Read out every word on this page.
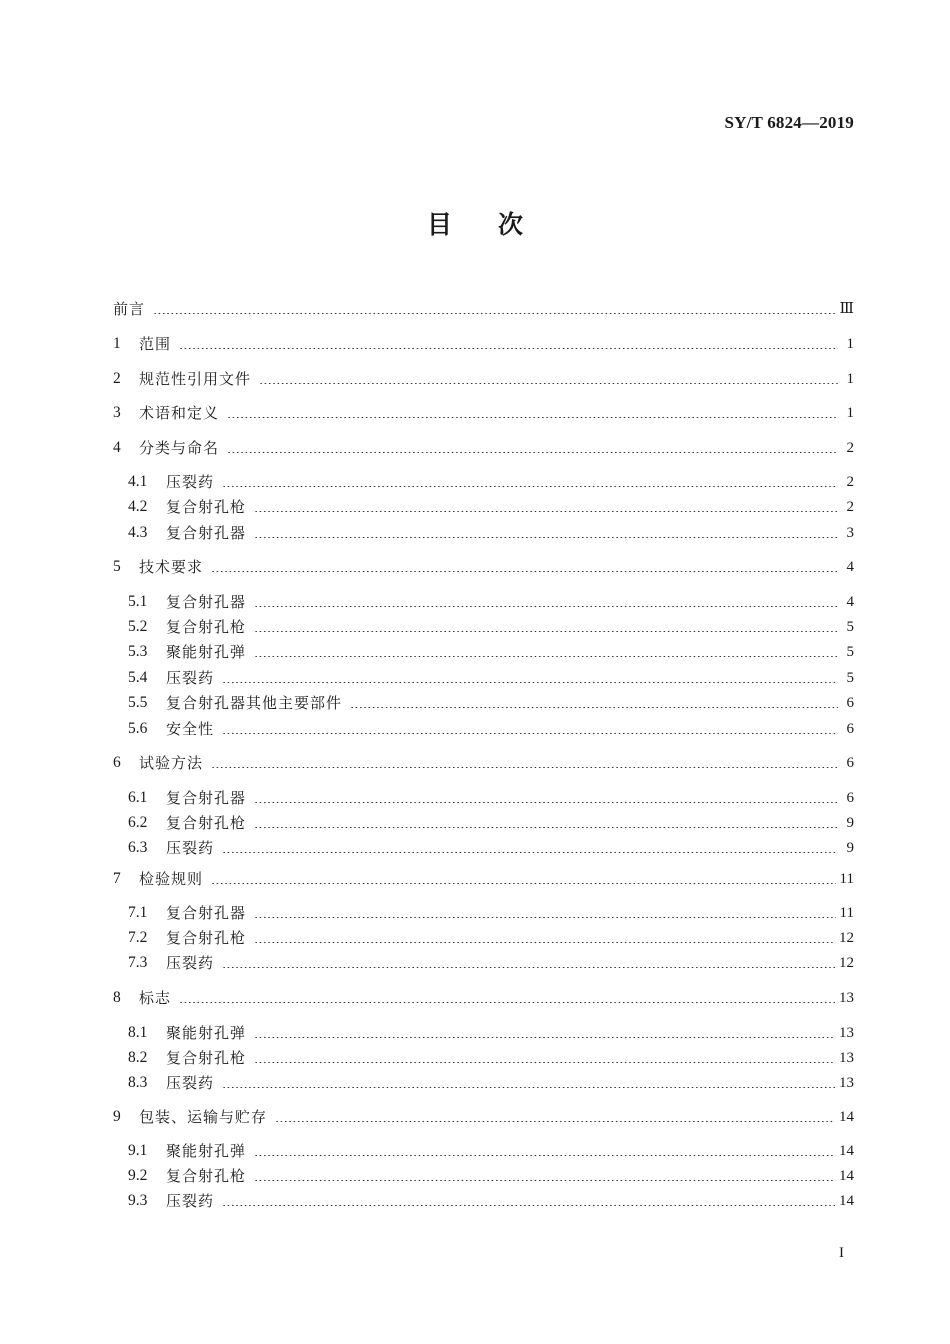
SY/T 6824—2019
目次
前言	Ⅲ
1	范围	1
2	规范性引用文件	1
3	术语和定义	1
4	分类与命名	2
4.1	压裂药	2
4.2	复合射孔枪	2
4.3	复合射孔器	3
5	技术要求	4
5.1	复合射孔器	4
5.2	复合射孔枪	5
5.3	聚能射孔弹	5
5.4	压裂药	5
5.5	复合射孔器其他主要部件	6
5.6	安全性	6
6	试验方法	6
6.1	复合射孔器	6
6.2	复合射孔枪	9
6.3	压裂药	9
7	检验规则	11
7.1	复合射孔器	11
7.2	复合射孔枪	12
7.3	压裂药	12
8	标志	13
8.1	聚能射孔弹	13
8.2	复合射孔枪	13
8.3	压裂药	13
9	包装、运输与贮存	14
9.1	聚能射孔弹	14
9.2	复合射孔枪	14
9.3	压裂药	14
I
